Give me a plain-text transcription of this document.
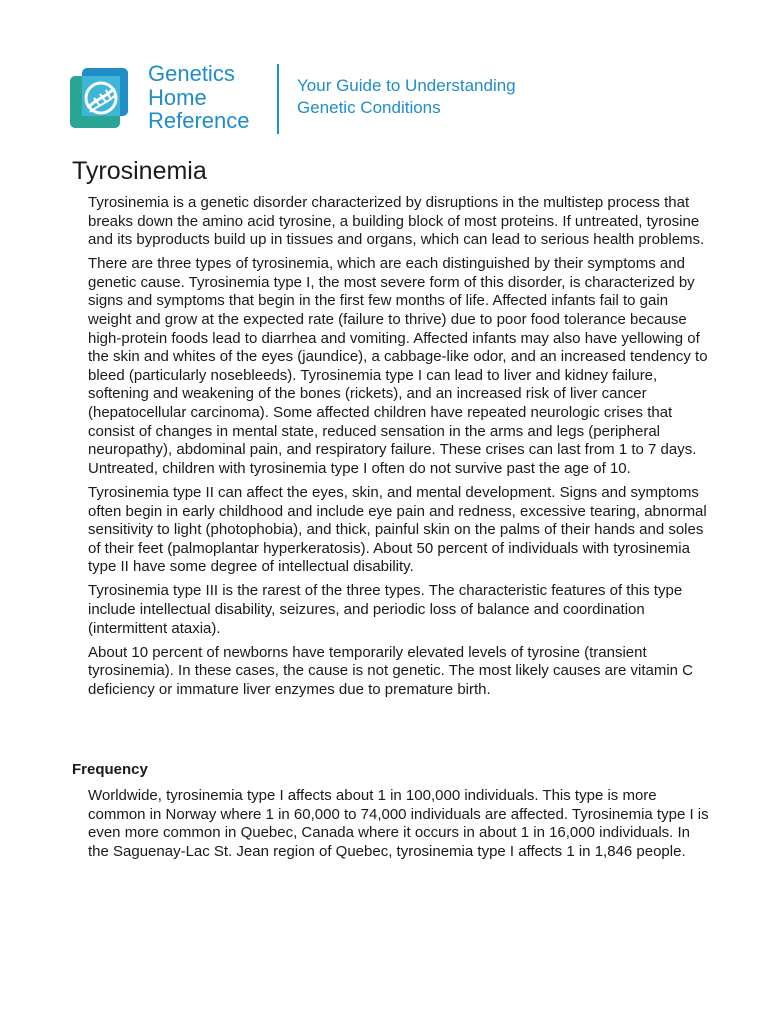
Genetics
Home
Reference
Your Guide to Understanding
Genetic Conditions
Tyrosinemia

Tyrosinemia is a genetic disorder characterized by disruptions in the multistep process that breaks down the amino acid tyrosine, a building block of most proteins. If untreated, tyrosine and its byproducts build up in tissues and organs, which can lead to serious health problems.

There are three types of tyrosinemia, which are each distinguished by their symptoms and genetic cause. Tyrosinemia type I, the most severe form of this disorder, is characterized by signs and symptoms that begin in the first few months of life. Affected infants fail to gain weight and grow at the expected rate (failure to thrive) due to poor food tolerance because high-protein foods lead to diarrhea and vomiting. Affected infants may also have yellowing of the skin and whites of the eyes (jaundice), a cabbage-like odor, and an increased tendency to bleed (particularly nosebleeds). Tyrosinemia type I can lead to liver and kidney failure, softening and weakening of the bones (rickets), and an increased risk of liver cancer (hepatocellular carcinoma). Some affected children have repeated neurologic crises that consist of changes in mental state, reduced sensation in the arms and legs (peripheral neuropathy), abdominal pain, and respiratory failure. These crises can last from 1 to 7 days. Untreated, children with tyrosinemia type I often do not survive past the age of 10.

Tyrosinemia type II can affect the eyes, skin, and mental development. Signs and symptoms often begin in early childhood and include eye pain and redness, excessive tearing, abnormal sensitivity to light (photophobia), and thick, painful skin on the palms of their hands and soles of their feet (palmoplantar hyperkeratosis). About 50 percent of individuals with tyrosinemia type II have some degree of intellectual disability.

Tyrosinemia type III is the rarest of the three types. The characteristic features of this type include intellectual disability, seizures, and periodic loss of balance and coordination (intermittent ataxia).

About 10 percent of newborns have temporarily elevated levels of tyrosine (transient tyrosinemia). In these cases, the cause is not genetic. The most likely causes are vitamin C deficiency or immature liver enzymes due to premature birth.

Frequency

Worldwide, tyrosinemia type I affects about 1 in 100,000 individuals. This type is more common in Norway where 1 in 60,000 to 74,000 individuals are affected. Tyrosinemia type I is even more common in Quebec, Canada where it occurs in about 1 in 16,000 individuals. In the Saguenay-Lac St. Jean region of Quebec, tyrosinemia type I affects 1 in 1,846 people.
